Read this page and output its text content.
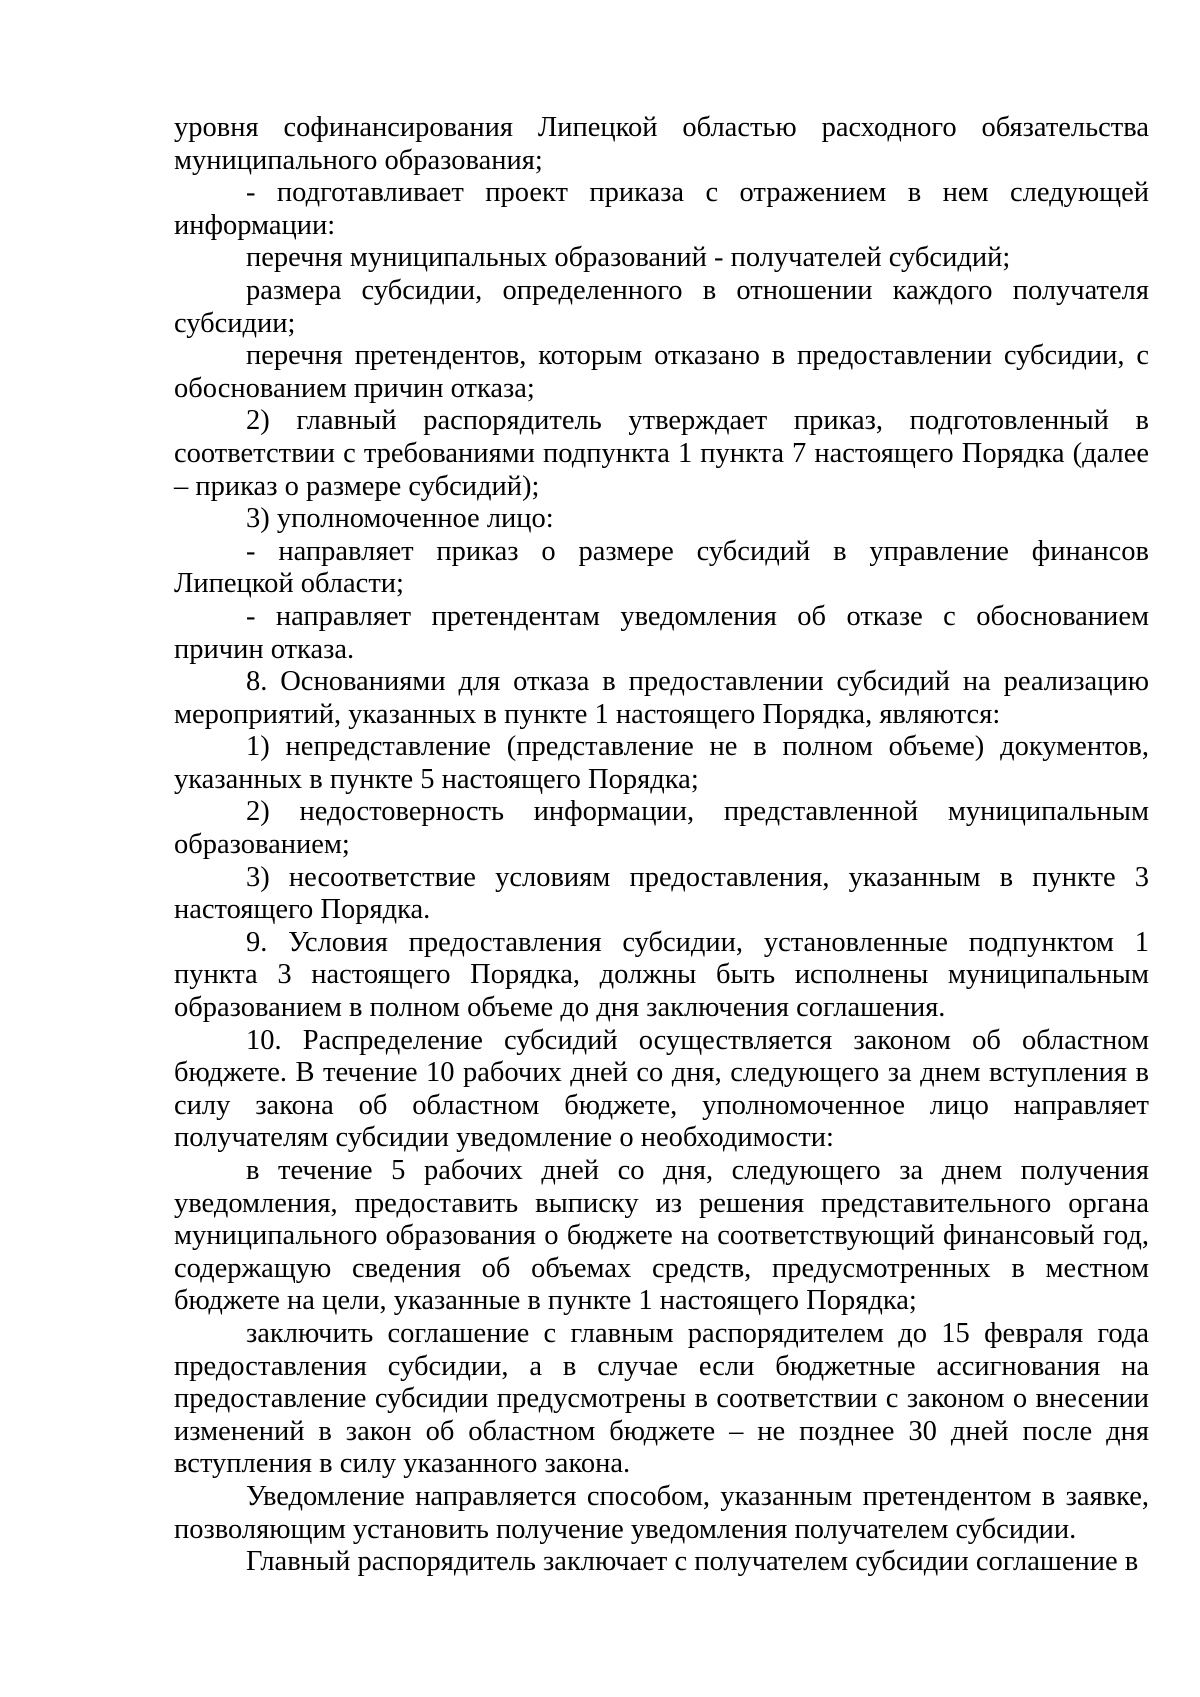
уровня софинансирования Липецкой областью расходного обязательства муниципального образования;

- подготавливает проект приказа с отражением в нем следующей информации:

перечня муниципальных образований - получателей субсидий;

размера субсидии, определенного в отношении каждого получателя субсидии;

перечня претендентов, которым отказано в предоставлении субсидии, с обоснованием причин отказа;

2) главный распорядитель утверждает приказ, подготовленный в соответствии с требованиями подпункта 1 пункта 7 настоящего Порядка (далее – приказ о размере субсидий);

3) уполномоченное лицо:

- направляет приказ о размере субсидий в управление финансов Липецкой области;

- направляет претендентам уведомления об отказе с обоснованием причин отказа.

8. Основаниями для отказа в предоставлении субсидий на реализацию мероприятий, указанных в пункте 1 настоящего Порядка, являются:

1) непредставление (представление не в полном объеме) документов, указанных в пункте 5 настоящего Порядка;

2) недостоверность информации, представленной муниципальным образованием;

3) несоответствие условиям предоставления, указанным в пункте 3 настоящего Порядка.

9. Условия предоставления субсидии, установленные подпунктом 1 пункта 3 настоящего Порядка, должны быть исполнены муниципальным образованием в полном объеме до дня заключения соглашения.

10. Распределение субсидий осуществляется законом об областном бюджете. В течение 10 рабочих дней со дня, следующего за днем вступления в силу закона об областном бюджете, уполномоченное лицо направляет получателям субсидии уведомление о необходимости:

в течение 5 рабочих дней со дня, следующего за днем получения уведомления, предоставить выписку из решения представительного органа муниципального образования о бюджете на соответствующий финансовый год, содержащую сведения об объемах средств, предусмотренных в местном бюджете на цели, указанные в пункте 1 настоящего Порядка;

заключить соглашение с главным распорядителем до 15 февраля года предоставления субсидии, а в случае если бюджетные ассигнования на предоставление субсидии предусмотрены в соответствии с законом о внесении изменений в закон об областном бюджете – не позднее 30 дней после дня вступления в силу указанного закона.

Уведомление направляется способом, указанным претендентом в заявке, позволяющим установить получение уведомления получателем субсидии.

Главный распорядитель заключает с получателем субсидии соглашение в
